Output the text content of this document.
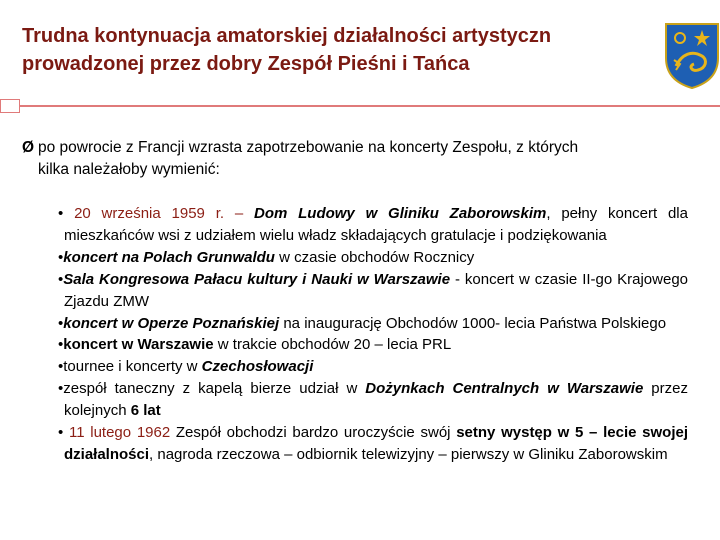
Trudna kontynuacja amatorskiej działalności artystyczn
prowadzonej przez dobry Zespół Pieśni i Tańca
Ø po powrocie z Francji wzrasta zapotrzebowanie na koncerty Zespołu, z których
kilka należałoby wymienić:
• 20 września 1959 r. – Dom Ludowy w Gliniku Zaborowskim, pełny koncert dla mieszkańców wsi z udziałem wielu władz składających gratulacje i podziękowania
•koncert na Polach Grunwaldu w czasie obchodów Rocznicy
•Sala Kongresowa Pałacu kultury i Nauki w Warszawie - koncert w czasie II-go Krajowego Zjazdu ZMW
•koncert w Operze Poznańskiej na inaugurację Obchodów 1000- lecia Państwa Polskiego
•koncert w Warszawie w trakcie obchodów 20 – lecia PRL
•tournee i koncerty w Czechosłowacji
•zespół taneczny z kapelą bierze udział w Dożynkach Centralnych w Warszawie przez kolejnych 6 lat
• 11 lutego 1962 Zespół obchodzi bardzo uroczyście swój setny występ w 5 – lecie swojej działalności, nagroda rzeczowa – odbiornik telewizyjny – pierwszy w Gliniku Zaborowskim
